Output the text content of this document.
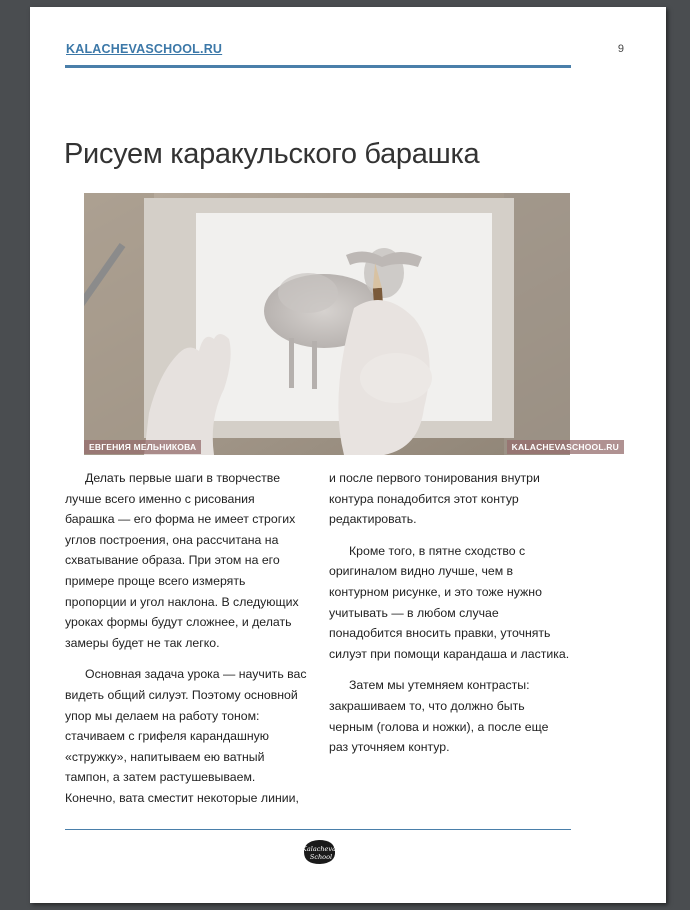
KALACHEVASCHOOL.RU	9
Рисуем каракульского барашка
ЕВГЕНИЯ МЕЛЬНИКОВА	KALACHEVASCHOOL.RU

Делать первые шаги в творчестве лучше всего именно с рисования барашка — его форма не имеет строгих углов построения, она рассчитана на схватывание образа. При этом на его примере проще всего измерять пропорции и угол наклона. В следующих уроках формы будут сложнее, и делать замеры будет не так легко.

Основная задача урока — научить вас видеть общий силуэт. Поэтому основной упор мы делаем на работу тоном: стачиваем с грифеля карандашную «стружку», напитываем ею ватный тампон, а затем растушевываем. Конечно, вата сместит некоторые линии,

и после первого тонирования внутри контура понадобится этот контур редактировать.

Кроме того, в пятне сходство с оригиналом видно лучше, чем в контурном рисунке, и это тоже нужно учитывать — в любом случае понадобится вносить правки, уточнять силуэт при помощи карандаша и ластика.

Затем мы утемняем контрасты: закрашиваем то, что должно быть черным (голова и ножки), а после еще раз уточняем контур.

Kalacheva
School
